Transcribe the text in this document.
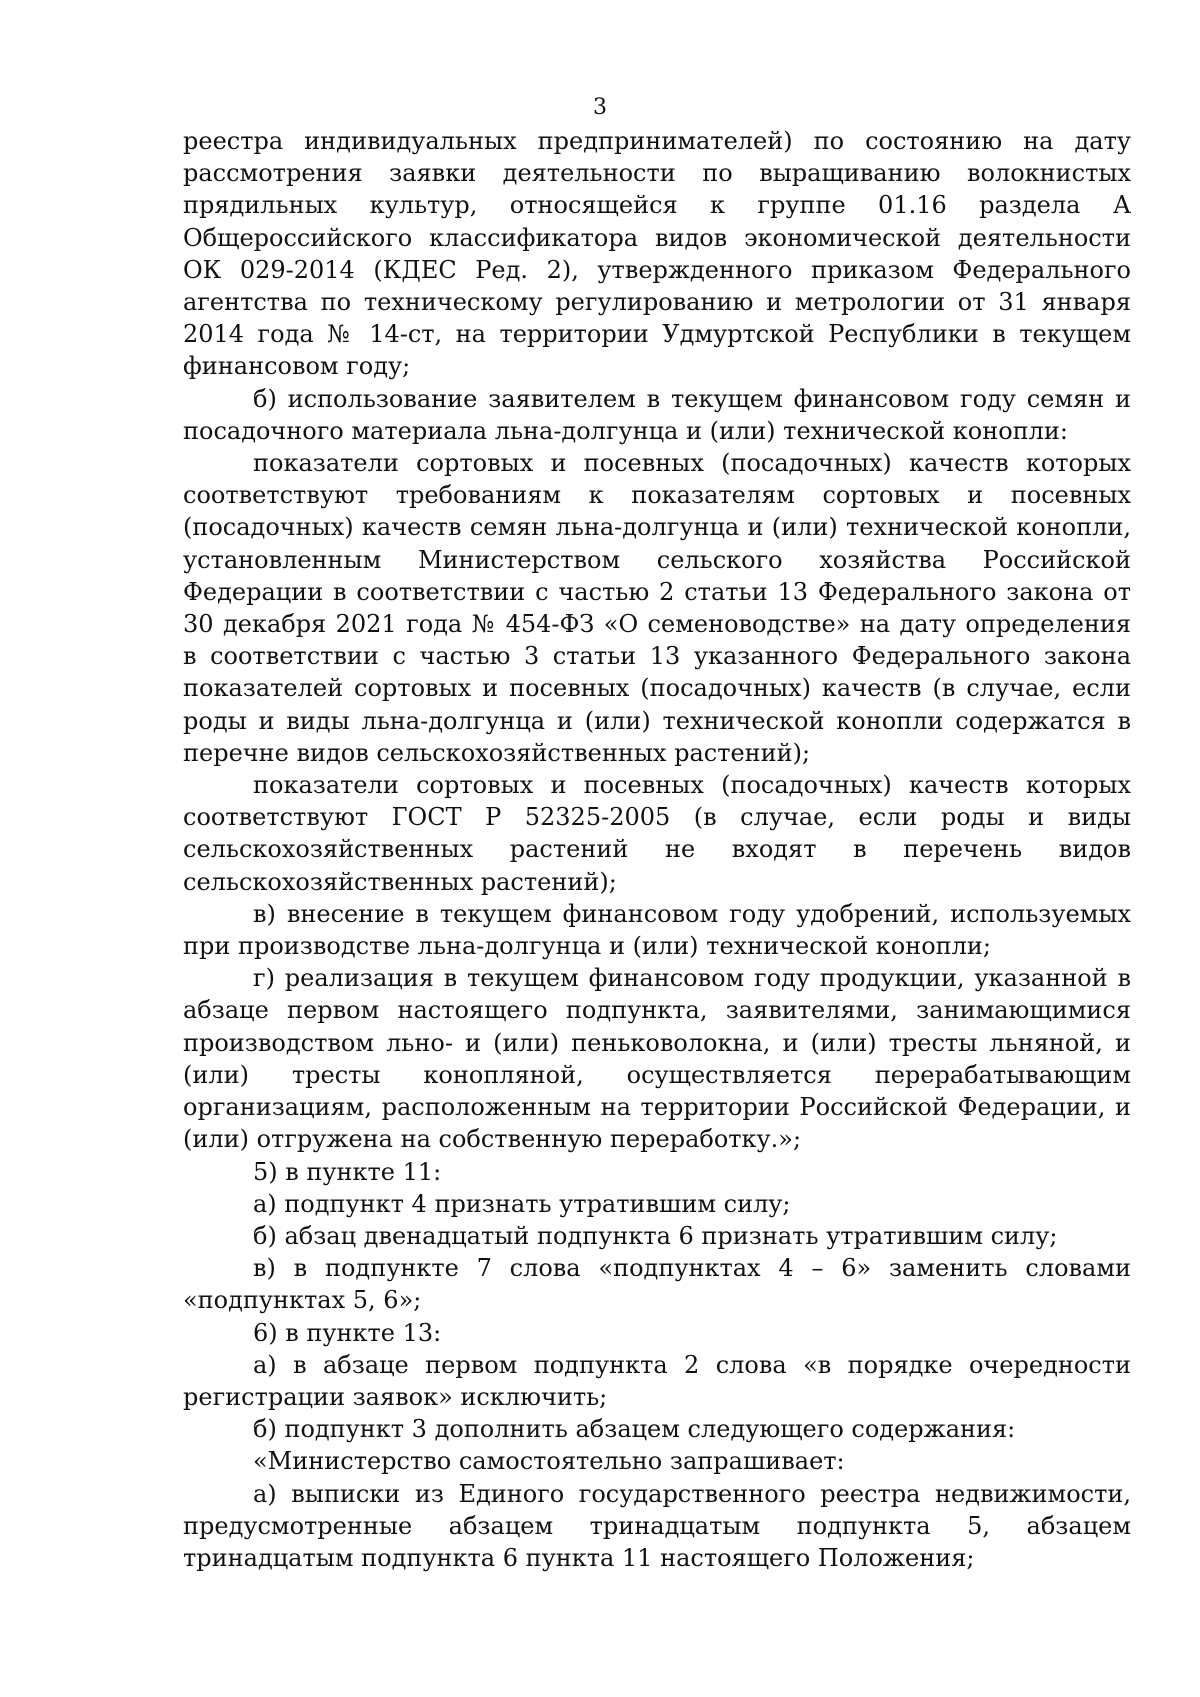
3

реестра индивидуальных предпринимателей) по состоянию на дату рассмотрения заявки деятельности по выращиванию волокнистых прядильных культур, относящейся к группе 01.16 раздела А Общероссийского классификатора видов экономической деятельности ОК 029-2014 (КДЕС Ред. 2), утвержденного приказом Федерального агентства по техническому регулированию и метрологии от 31 января 2014 года № 14-ст, на территории Удмуртской Республики в текущем финансовом году;

б) использование заявителем в текущем финансовом году семян и посадочного материала льна-долгунца и (или) технической конопли:

показатели сортовых и посевных (посадочных) качеств которых соответствуют требованиям к показателям сортовых и посевных (посадочных) качеств семян льна-долгунца и (или) технической конопли, установленным Министерством сельского хозяйства Российской Федерации в соответствии с частью 2 статьи 13 Федерального закона от 30 декабря 2021 года № 454-ФЗ «О семеноводстве» на дату определения в соответствии с частью 3 статьи 13 указанного Федерального закона показателей сортовых и посевных (посадочных) качеств (в случае, если роды и виды льна-долгунца и (или) технической конопли содержатся в перечне видов сельскохозяйственных растений);

показатели сортовых и посевных (посадочных) качеств которых соответствуют ГОСТ Р 52325-2005 (в случае, если роды и виды сельскохозяйственных растений не входят в перечень видов сельскохозяйственных растений);

в) внесение в текущем финансовом году удобрений, используемых при производстве льна-долгунца и (или) технической конопли;

г) реализация в текущем финансовом году продукции, указанной в абзаце первом настоящего подпункта, заявителями, занимающимися производством льно- и (или) пеньковолокна, и (или) тресты льняной, и (или) тресты конопляной, осуществляется перерабатывающим организациям, расположенным на территории Российской Федерации, и (или) отгружена на собственную переработку.»;

5) в пункте 11:

а) подпункт 4 признать утратившим силу;

б) абзац двенадцатый подпункта 6 признать утратившим силу;

в) в подпункте 7 слова «подпунктах 4 – 6» заменить словами «подпунктах 5, 6»;

6) в пункте 13:

а) в абзаце первом подпункта 2 слова «в порядке очередности регистрации заявок» исключить;

б) подпункт 3 дополнить абзацем следующего содержания:

«Министерство самостоятельно запрашивает:

а) выписки из Единого государственного реестра недвижимости, предусмотренные абзацем тринадцатым подпункта 5, абзацем тринадцатым подпункта 6 пункта 11 настоящего Положения;
